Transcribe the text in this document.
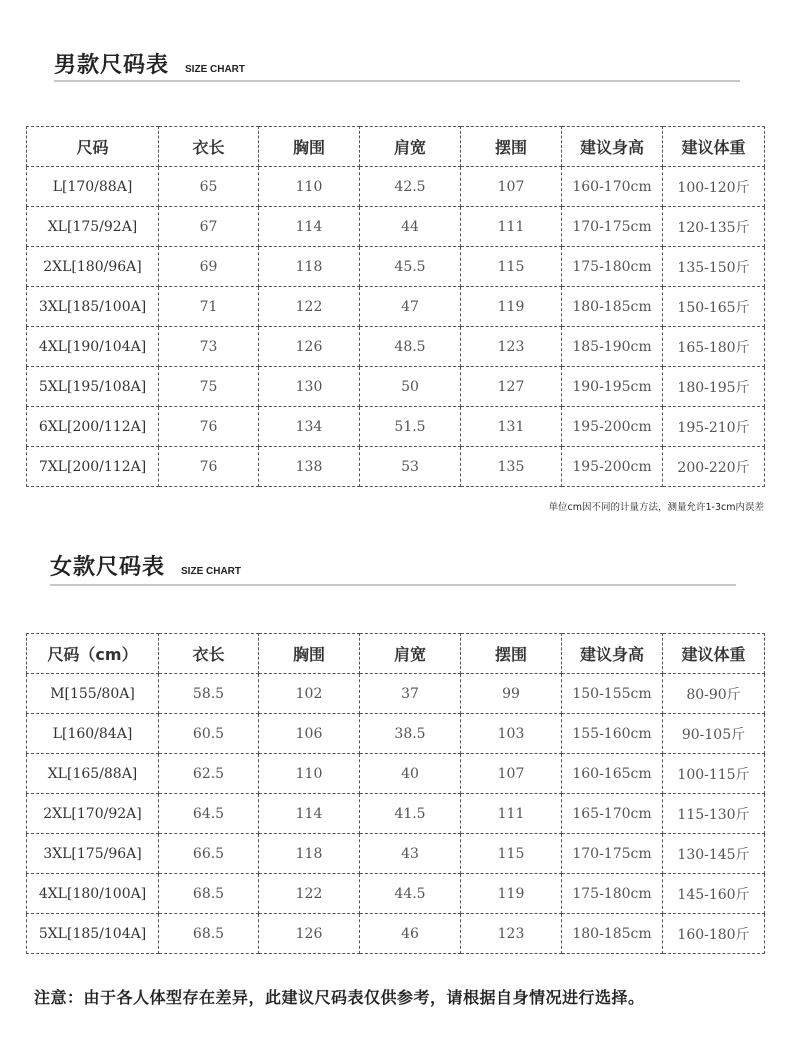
男款尺码表 SIZE CHART
尺码	衣长	胸围	肩宽	摆围	建议身高	建议体重
L[170/88A]	65	110	42.5	107	160-170cm	100-120斤
XL[175/92A]	67	114	44	111	170-175cm	120-135斤
2XL[180/96A]	69	118	45.5	115	175-180cm	135-150斤
3XL[185/100A]	71	122	47	119	180-185cm	150-165斤
4XL[190/104A]	73	126	48.5	123	185-190cm	165-180斤
5XL[195/108A]	75	130	50	127	190-195cm	180-195斤
6XL[200/112A]	76	134	51.5	131	195-200cm	195-210斤
7XL[200/112A]	76	138	53	135	195-200cm	200-220斤
单位cm因不同的计量方法，测量允许1-3cm内误差
女款尺码表 SIZE CHART
尺码（cm）	衣长	胸围	肩宽	摆围	建议身高	建议体重
M[155/80A]	58.5	102	37	99	150-155cm	80-90斤
L[160/84A]	60.5	106	38.5	103	155-160cm	90-105斤
XL[165/88A]	62.5	110	40	107	160-165cm	100-115斤
2XL[170/92A]	64.5	114	41.5	111	165-170cm	115-130斤
3XL[175/96A]	66.5	118	43	115	170-175cm	130-145斤
4XL[180/100A]	68.5	122	44.5	119	175-180cm	145-160斤
5XL[185/104A]	68.5	126	46	123	180-185cm	160-180斤
注意：由于各人体型存在差异，此建议尺码表仅供参考，请根据自身情况进行选择。
